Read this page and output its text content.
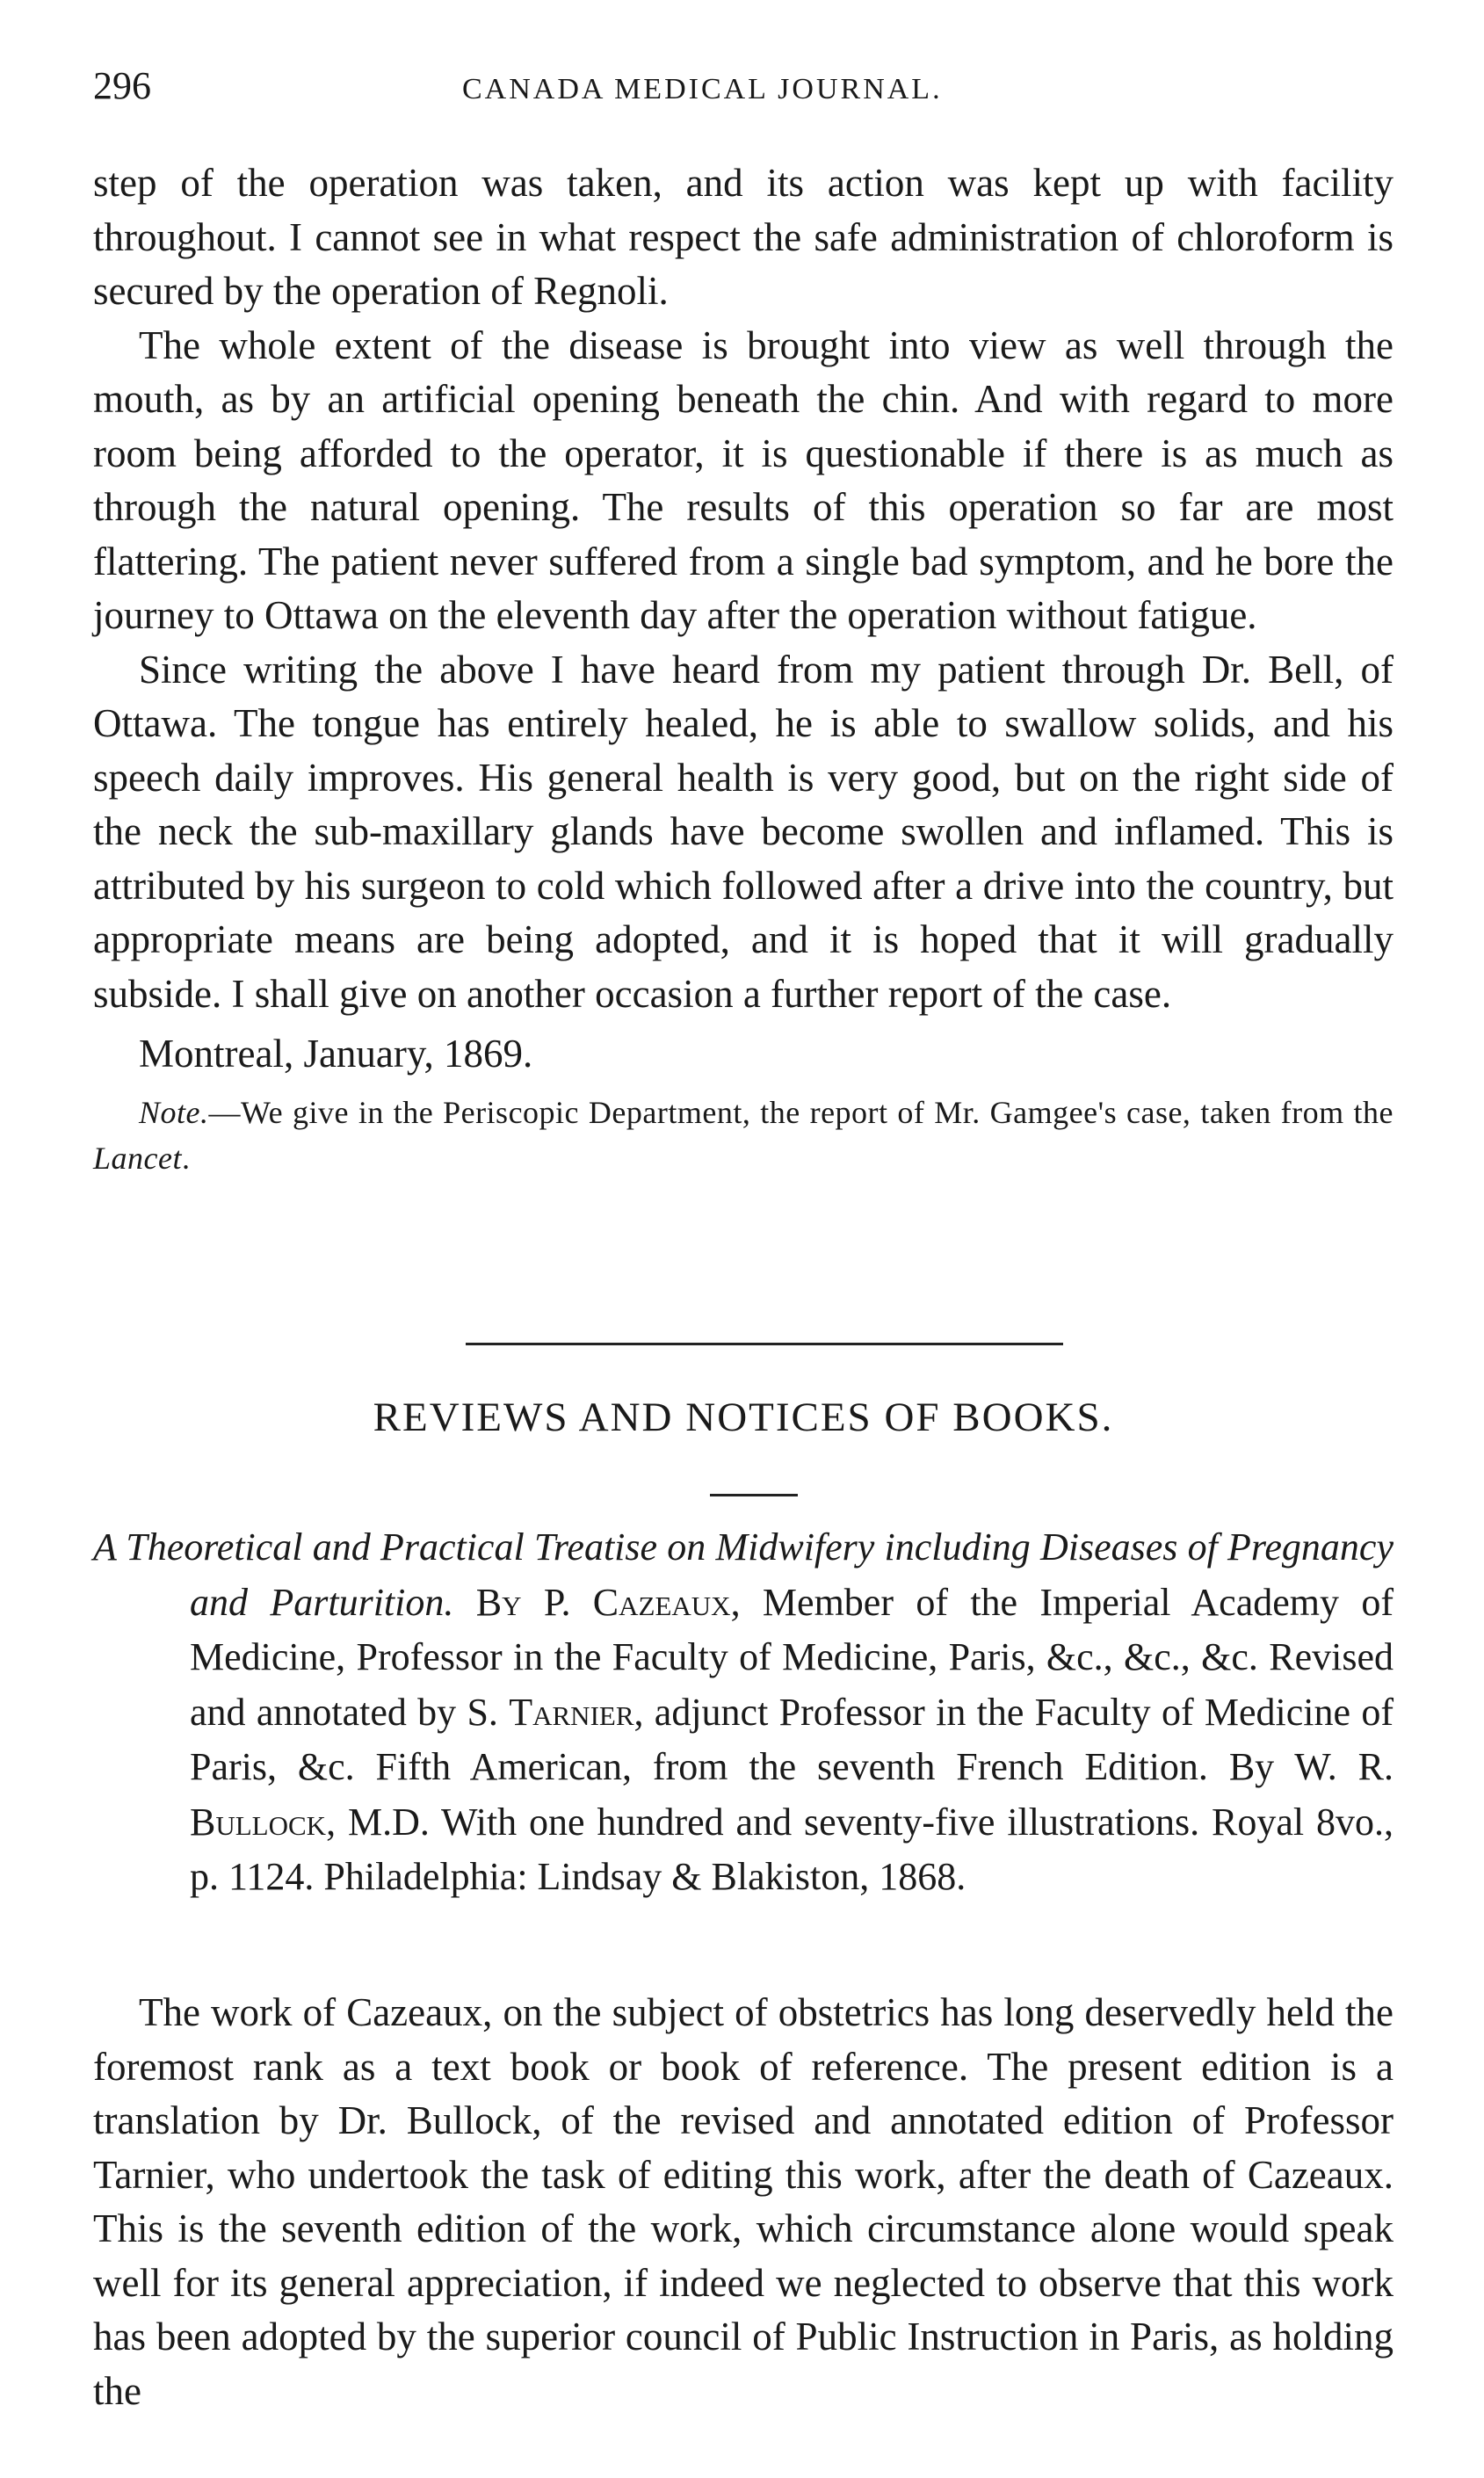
296	CANADA MEDICAL JOURNAL.

step of the operation was taken, and its action was kept up with facility throughout. I cannot see in what respect the safe administration of chloroform is secured by the operation of Regnoli.

The whole extent of the disease is brought into view as well through the mouth, as by an artificial opening beneath the chin. And with regard to more room being afforded to the operator, it is questionable if there is as much as through the natural opening. The results of this operation so far are most flattering. The patient never suffered from a single bad symptom, and he bore the journey to Ottawa on the eleventh day after the operation without fatigue.

Since writing the above I have heard from my patient through Dr. Bell, of Ottawa. The tongue has entirely healed, he is able to swallow solids, and his speech daily improves. His general health is very good, but on the right side of the neck the sub-maxillary glands have become swollen and inflamed. This is attributed by his surgeon to cold which followed after a drive into the country, but appropriate means are being adopted, and it is hoped that it will gradually subside. I shall give on another occasion a further report of the case.

Montreal, January, 1869.

Note.—We give in the Periscopic Department, the report of Mr. Gamgee's case, taken from the Lancet.

REVIEWS AND NOTICES OF BOOKS.
A Theoretical and Practical Treatise on Midwifery including Diseases of Pregnancy and Parturition. By P. Cazeaux, Member of the Imperial Academy of Medicine, Professor in the Faculty of Medicine, Paris, &c., &c., &c. Revised and annotated by S. Tarnier, adjunct Professor in the Faculty of Medicine of Paris, &c. Fifth American, from the seventh French Edition. By W. R. Bullock, M.D. With one hundred and seventy-five illustrations. Royal 8vo., p. 1124. Philadelphia: Lindsay & Blakiston, 1868.

The work of Cazeaux, on the subject of obstetrics has long deservedly held the foremost rank as a text book or book of reference. The present edition is a translation by Dr. Bullock, of the revised and annotated edition of Professor Tarnier, who undertook the task of editing this work, after the death of Cazeaux. This is the seventh edition of the work, which circumstance alone would speak well for its general appreciation, if indeed we neglected to observe that this work has been adopted by the superior council of Public Instruction in Paris, as holding the
